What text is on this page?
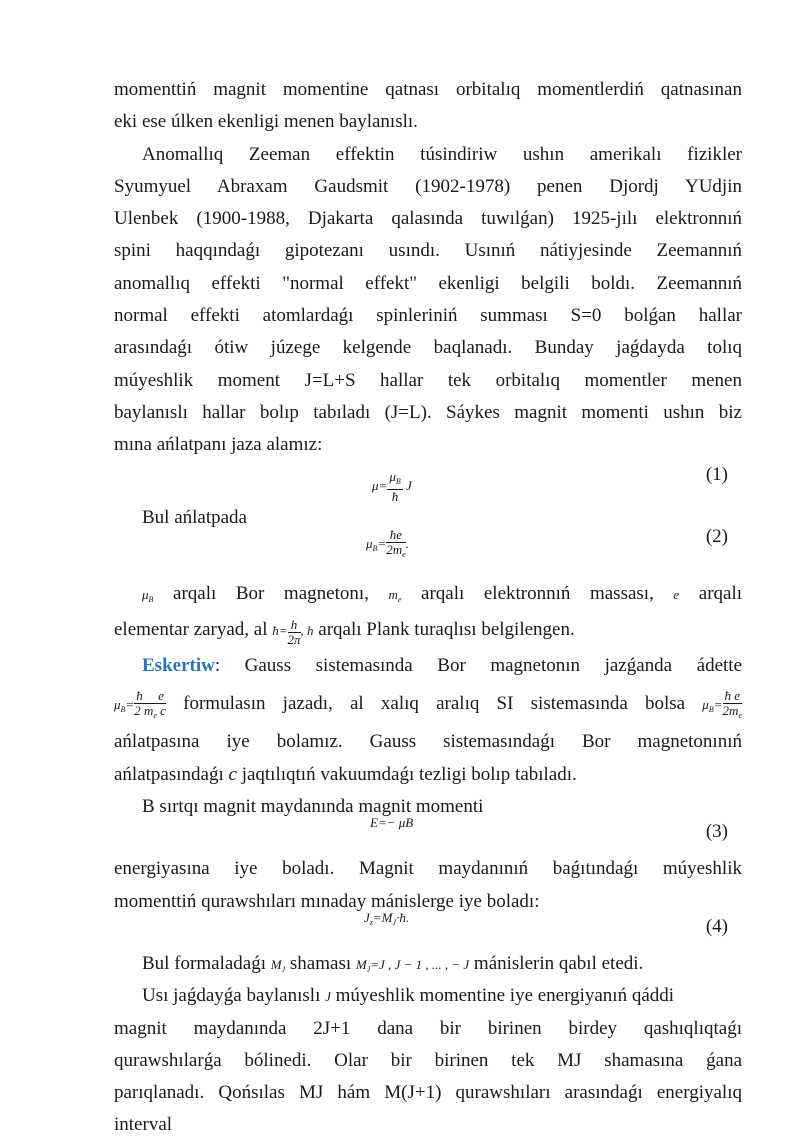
momenttiń magnit momentine qatnası orbitalıq momentlerdiń qatnasınan
eki ese úlken ekenligi menen baylanıslı.
Anomallıq Zeeman effektin túsindiriw ushın amerikalı fizikler
Syumyuel Abraxam Gaudsmit (1902-1978) penen Djordj YUdjin
Ulenbek (1900-1988, Djakarta qalasında tuwılǵan) 1925-jılı elektronnıń
spini haqqındaǵı gipotezanı usındı. Usınıń nátiyjesinde Zeemannıń
anomallıq effekti "normal effekt" ekenligi belgili boldı. Zeemannıń
normal effekti atomlardaǵı spinleriniń summası S=0 bolǵan hallar
arasındaǵı ótiw júzege kelgende baqlanadı. Bunday jaǵdayda tolıq
múyeshlik moment J=L+S hallar tek orbitalıq momentler menen
baylanıslı hallar bolıp tabıladı (J=L). Sáykes magnit momenti ushın biz
mına ańlatpanı jaza alamız:
$\mu= \frac{\mu_B}{ħ}$ J
(1)
Bul ańlatpada
$\mu_B= \frac{ħe}{2m_e}$ .	(2)
$\mu_B$ arqalı Bor magnetonı, $m_e$ arqalı elektronnıń massası, e arqalı
elementar zaryad, al ħ= $\frac{h}{2\pi}$ , h arqalı Plank turaqlısı belgilengen.
Eskertiw: Gauss sistemasında Bor magnetonın jazǵanda ádette
$\mu_B= \frac{\text{ħ e}}{2 m_e c}$ formulasın jazadı, al xalıq aralıq SI sistemasında bolsa $\mu_B= \frac{\text{ħ e}}{2m_e}$
ańlatpasına iye bolamız. Gauss sistemasındaǵı Bor magnetonınıń
ańlatpasındaǵı c jaqtılıqtıń vakuumdaǵı tezligi bolıp tabıladı.
B sırtqı magnit maydanında magnit momenti
E=− μB	(3)
energiyasına iye boladı. Magnit maydanınıń baǵıtındaǵı múyeshlik
momenttiń qurawshıları mınaday mánislerge iye boladı:
$J_z=M_J\cdot ħ$.	(4)
Bul formaladaǵı $M_J$ shaması $M_J=J$ , J − 1 , ... , − J mánislerin qabıl etedi.
Usı jaǵdayǵa baylanıslı J múyeshlik momentine iye energiyanıń qáddi
magnit maydanında 2J+1 dana bir birinen birdey qashıqlıqtaǵı
qurawshılarǵa bólinedi. Olar bir birinen tek MJ shamasına ǵana
parıqlanadı. Qońsılas MJ hám M(J+1) qurawshıları arasındaǵı energiyalıq
interval
